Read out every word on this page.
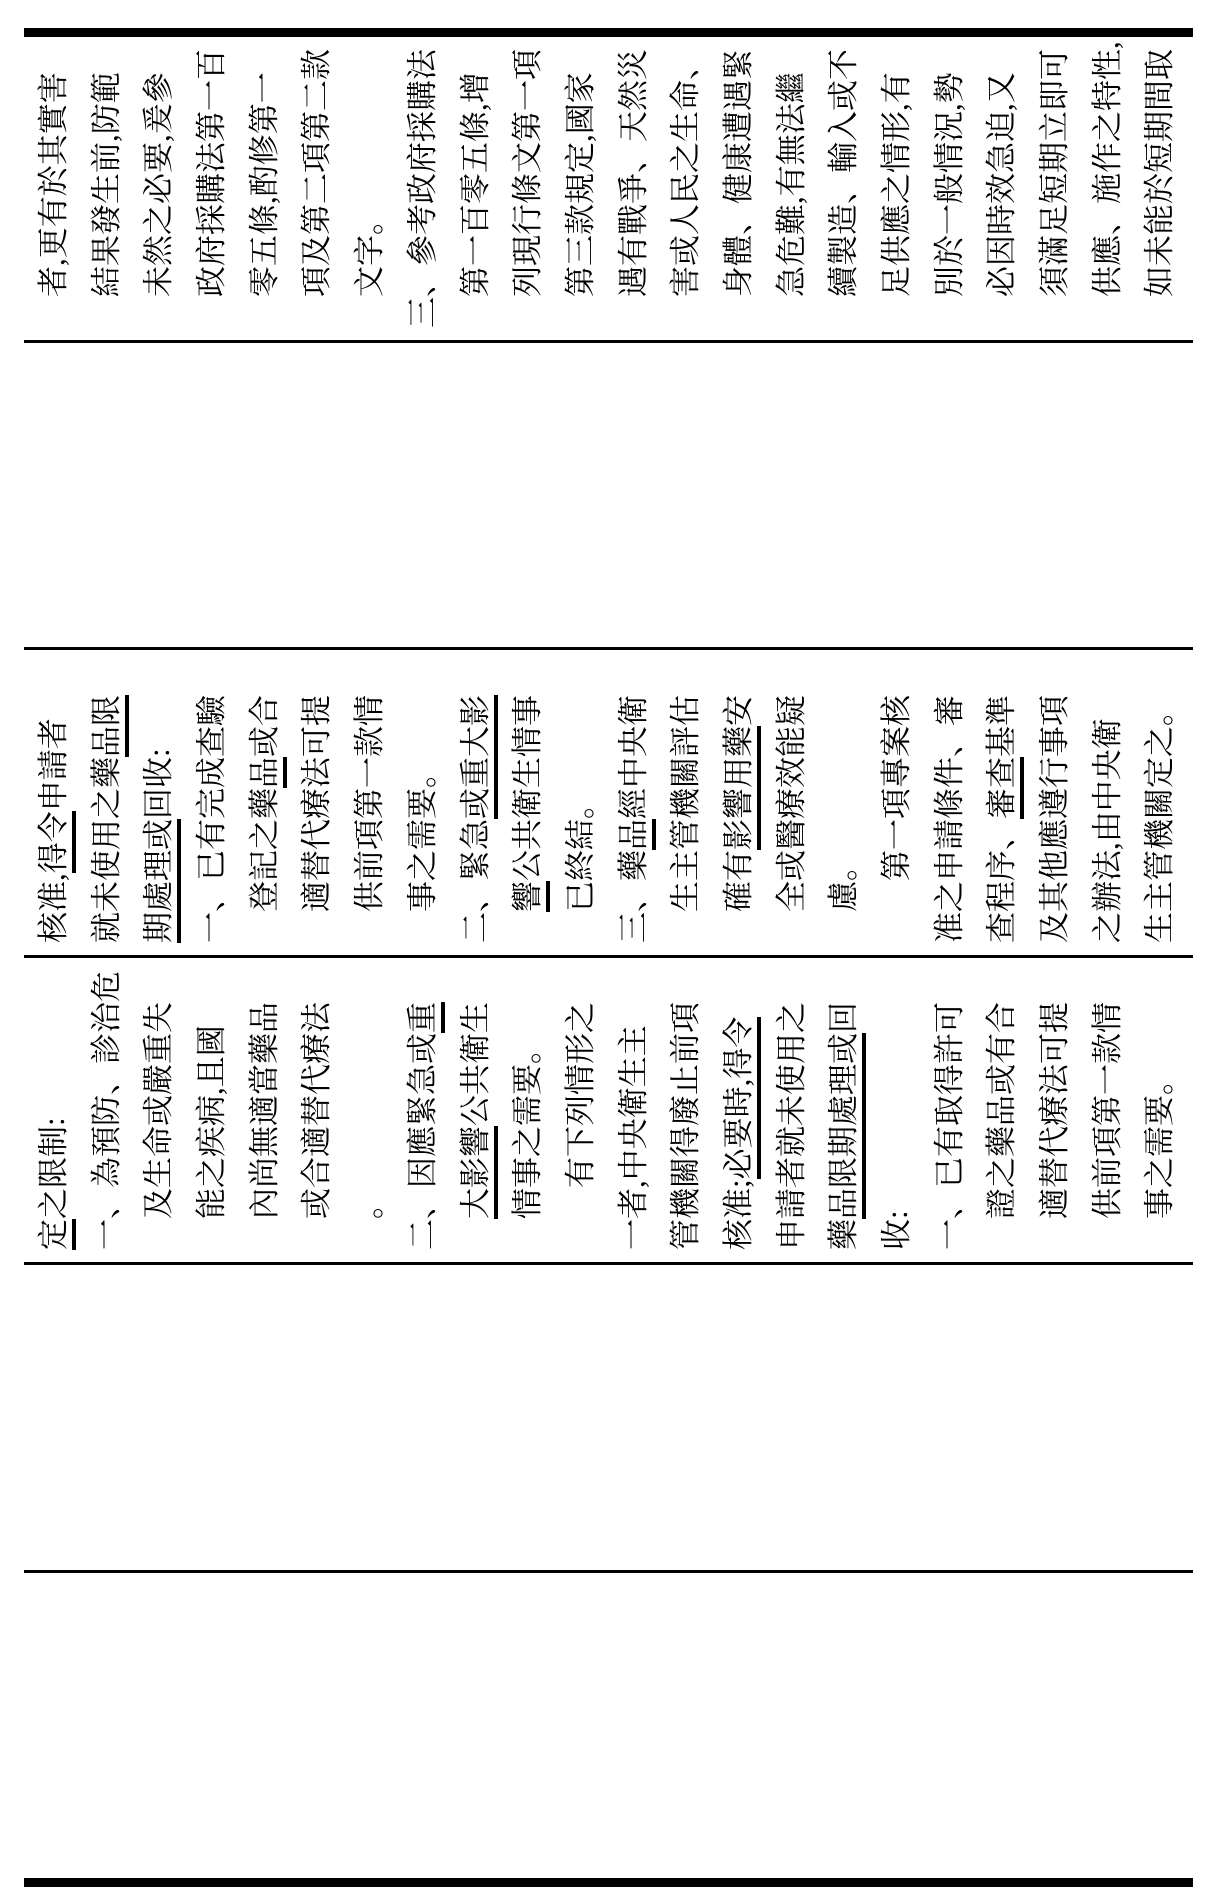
定之限制: 一、為預防、診治危 及生命或嚴重失 能之疾病,且國 內尚無適當藥品 或合適替代療法 。 二、因應緊急或重
大影響公共衛生 情事之需要。 有下列情形之 一者,中央衛生主 管機關得廢止前項 核准;必要時,得令 申請者就未使用之 藥品限期處理或回
收: 一、已有取得許可 證之藥品或有合 適替代療法可提 供前項第一款情 事之需要。
核准,得令申請者 就未使用之藥品限
期處理或回收: 一、已有完成查驗 登記之藥品或合 適替代療法可提 供前項第一款情 事之需要。 二、緊急或重大影
響公共衛生情事 已終結。 三、藥品經中央衛 生主管機關評估 確有影響用藥安 全或醫療效能疑 慮。 第一項專案核 准之申請條件、審 查程序、審查基準 及其他應遵行事項 之辦法,由中央衛 生主管機關定之。
者,更有於其實害 結果發生前,防範 未然之必要,爰參 政府採購法第一百 零五條,酌修第一 項及第二項第二款 文字。 三、參考政府採購法 第一百零五條,增 列現行條文第一項 第三款規定,國家 遇有戰爭、天然災 害或人民之生命、 身體、健康遭遇緊 急危難,有無法繼 續製造、輸入或不 足供應之情形,有 別於一般情況,勢 必因時效急迫,又 須滿足短期立即可 供應、施作之特性, 如未能於短期間取
